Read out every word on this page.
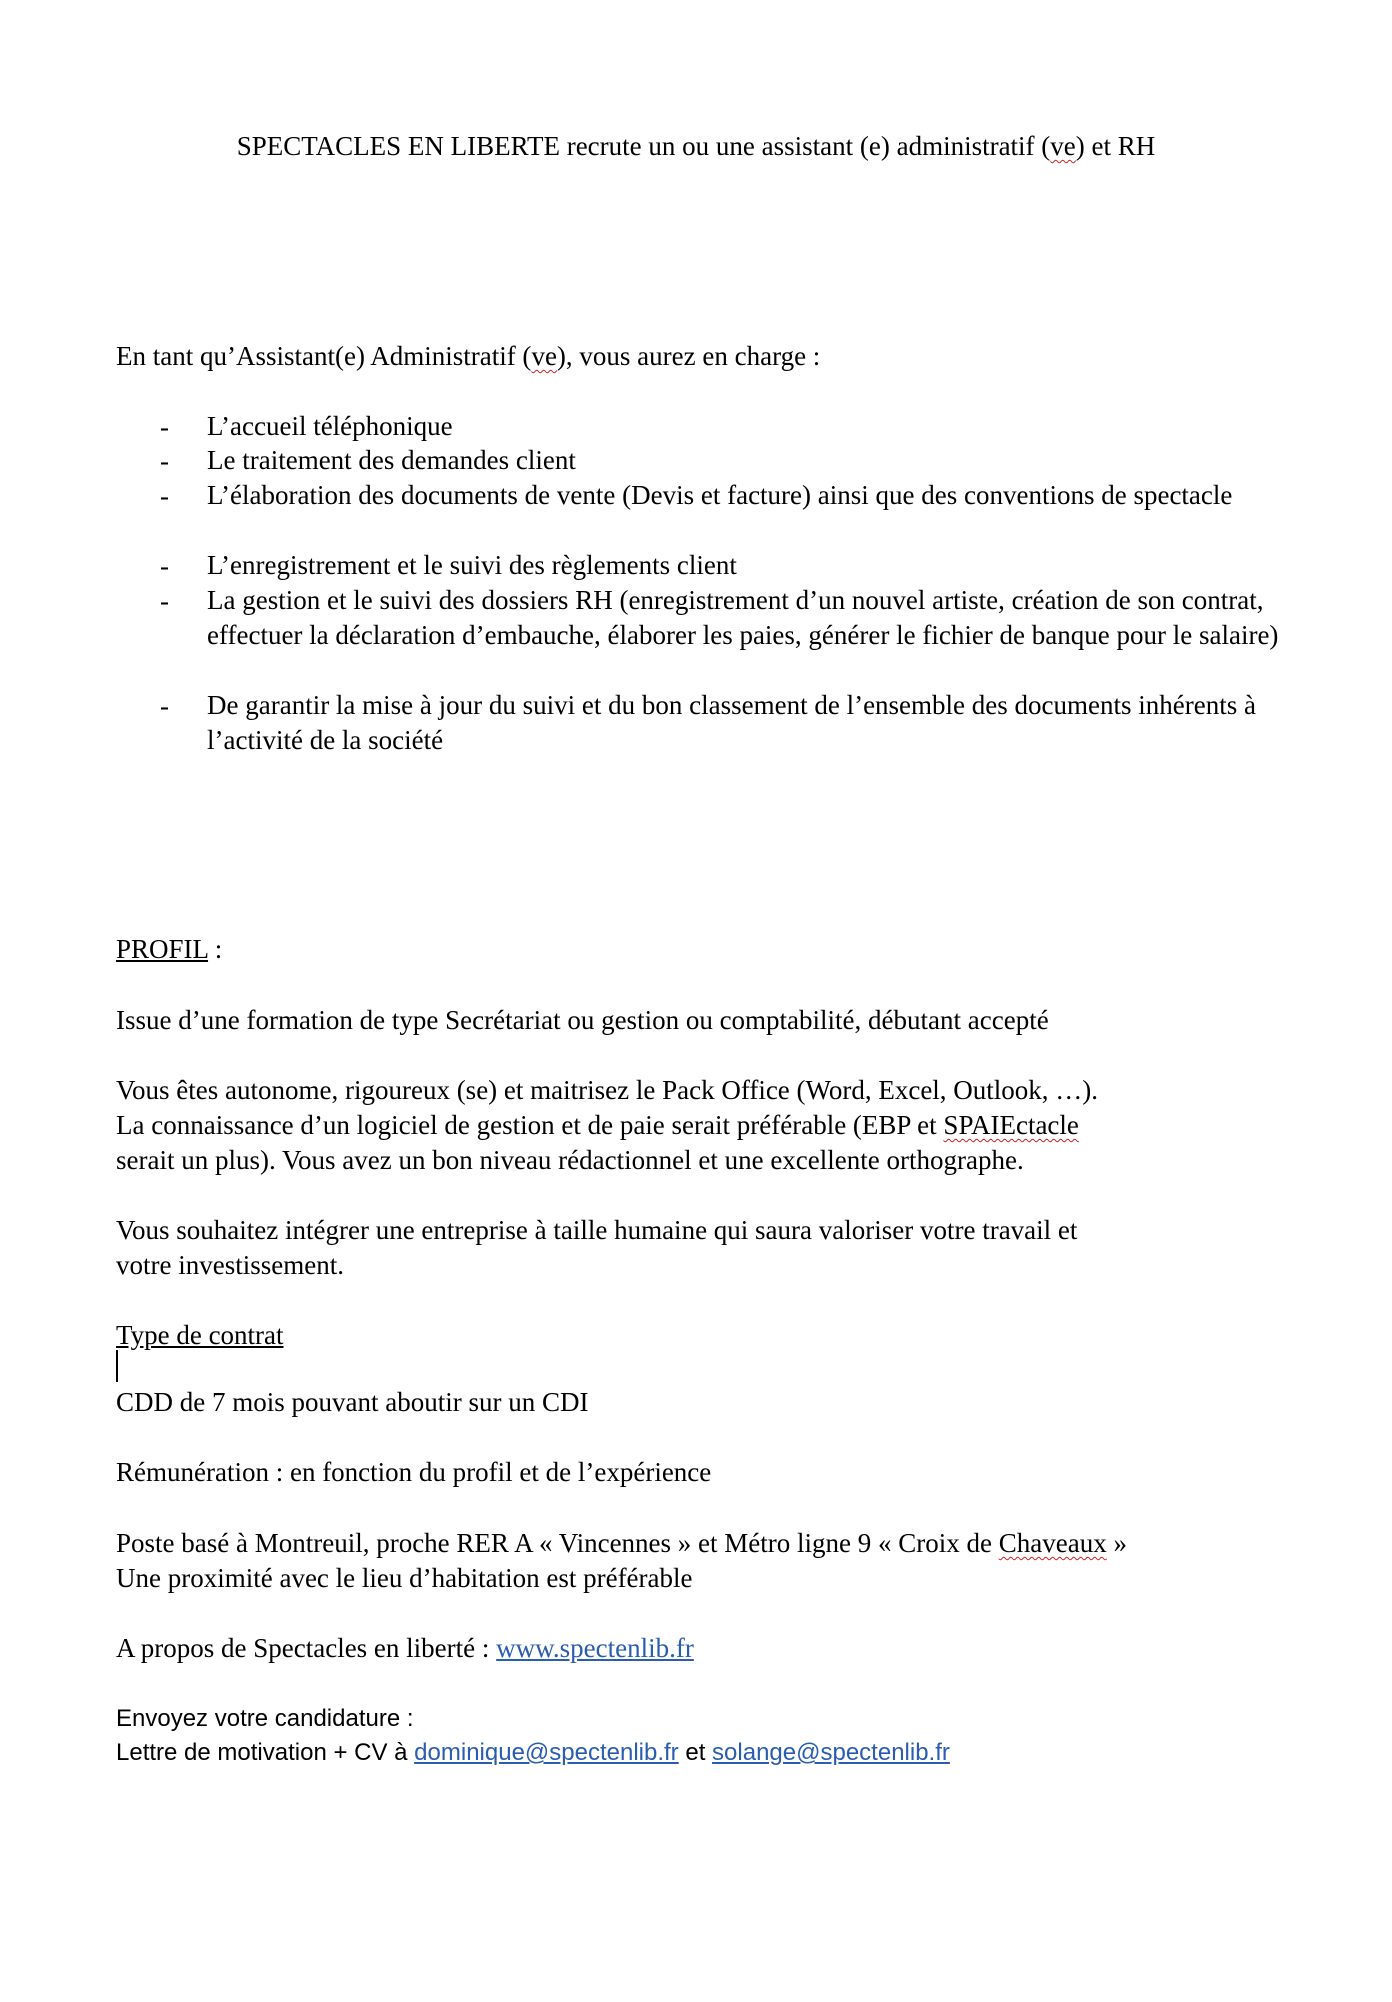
SPECTACLES EN LIBERTE recrute un ou une assistant (e) administratif (ve) et RH
En tant qu’Assistant(e) Administratif (ve), vous aurez en charge :
- L’accueil téléphonique
- Le traitement des demandes client
- L’élaboration des documents de vente (Devis et facture) ainsi que des conventions de spectacle
- L’enregistrement et le suivi des règlements client
- La gestion et le suivi des dossiers RH (enregistrement d’un nouvel artiste, création de son contrat, effectuer la déclaration d’embauche, élaborer les paies, générer le fichier de banque pour le salaire)
- De garantir la mise à jour du suivi et du bon classement de l’ensemble des documents inhérents à l’activité de la société
PROFIL :
Issue d’une formation de type Secrétariat ou gestion ou comptabilité, débutant accepté
Vous êtes autonome, rigoureux (se) et maitrisez le Pack Office (Word, Excel, Outlook, …).
La connaissance d’un logiciel de gestion et de paie serait préférable (EBP et SPAIEctacle
serait un plus). Vous avez un bon niveau rédactionnel et une excellente orthographe.
Vous souhaitez intégrer une entreprise à taille humaine qui saura valoriser votre travail et
votre investissement.
Type de contrat
CDD de 7 mois pouvant aboutir sur un CDI
Rémunération : en fonction du profil et de l’expérience
Poste basé à Montreuil, proche RER A « Vincennes » et Métro ligne 9 « Croix de Chaveaux »
Une proximité avec le lieu d’habitation est préférable
A propos de Spectacles en liberté : www.spectenlib.fr
Envoyez votre candidature :
Lettre de motivation + CV à dominique@spectenlib.fr et solange@spectenlib.fr
